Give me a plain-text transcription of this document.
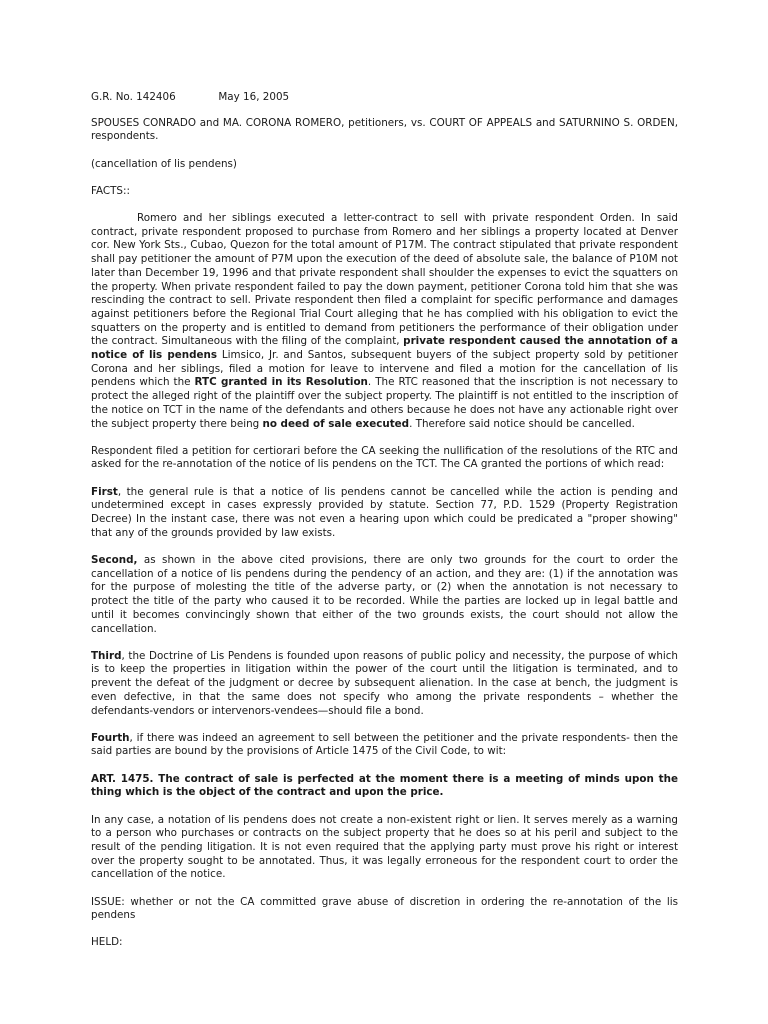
G.R. No. 142406             May 16, 2005

SPOUSES CONRADO and MA. CORONA ROMERO, petitioners, vs. COURT OF APPEALS and SATURNINO S. ORDEN, respondents.

(cancellation of lis pendens)

FACTS::

Romero and her siblings executed a letter-contract to sell with private respondent Orden. In said contract, private respondent proposed to purchase from Romero and her siblings a property located at Denver cor. New York Sts., Cubao, Quezon for the total amount of P17M. The contract stipulated that private respondent shall pay petitioner the amount of P7M upon the execution of the deed of absolute sale, the balance of P10M not later than December 19, 1996 and that private respondent shall shoulder the expenses to evict the squatters on the property. When private respondent failed to pay the down payment, petitioner Corona told him that she was rescinding the contract to sell. Private respondent then filed a complaint for specific performance and damages against petitioners before the Regional Trial Court alleging that he has complied with his obligation to evict the squatters on the property and is entitled to demand from petitioners the performance of their obligation under the contract. Simultaneous with the filing of the complaint, private respondent caused the annotation of a notice of lis pendens Limsico, Jr. and Santos, subsequent buyers of the subject property sold by petitioner Corona and her siblings, filed a motion for leave to intervene and filed a motion for the cancellation of lis pendens which the RTC granted in its Resolution. The RTC reasoned that the inscription is not necessary to protect the alleged right of the plaintiff over the subject property. The plaintiff is not entitled to the inscription of the notice on TCT in the name of the defendants and others because he does not have any actionable right over the subject property there being no deed of sale executed. Therefore said notice should be cancelled.

Respondent filed a petition for certiorari before the CA seeking the nullification of the resolutions of the RTC and asked for the re-annotation of the notice of lis pendens on the TCT. The CA granted the portions of which read:

First, the general rule is that a notice of lis pendens cannot be cancelled while the action is pending and undetermined except in cases expressly provided by statute. Section 77, P.D. 1529 (Property Registration Decree) In the instant case, there was not even a hearing upon which could be predicated a "proper showing" that any of the grounds provided by law exists.

Second, as shown in the above cited provisions, there are only two grounds for the court to order the cancellation of a notice of lis pendens during the pendency of an action, and they are: (1) if the annotation was for the purpose of molesting the title of the adverse party, or (2) when the annotation is not necessary to protect the title of the party who caused it to be recorded. While the parties are locked up in legal battle and until it becomes convincingly shown that either of the two grounds exists, the court should not allow the cancellation.

Third, the Doctrine of Lis Pendens is founded upon reasons of public policy and necessity, the purpose of which is to keep the properties in litigation within the power of the court until the litigation is terminated, and to prevent the defeat of the judgment or decree by subsequent alienation. In the case at bench, the judgment is even defective, in that the same does not specify who among the private respondents – whether the defendants-vendors or intervenors-vendees—should file a bond.

Fourth, if there was indeed an agreement to sell between the petitioner and the private respondents- then the said parties are bound by the provisions of Article 1475 of the Civil Code, to wit:

ART. 1475. The contract of sale is perfected at the moment there is a meeting of minds upon the thing which is the object of the contract and upon the price.

In any case, a notation of lis pendens does not create a non-existent right or lien. It serves merely as a warning to a person who purchases or contracts on the subject property that he does so at his peril and subject to the result of the pending litigation. It is not even required that the applying party must prove his right or interest over the property sought to be annotated. Thus, it was legally erroneous for the respondent court to order the cancellation of the notice.

ISSUE: whether or not the CA committed grave abuse of discretion in ordering the re-annotation of the lis pendens

HELD:
